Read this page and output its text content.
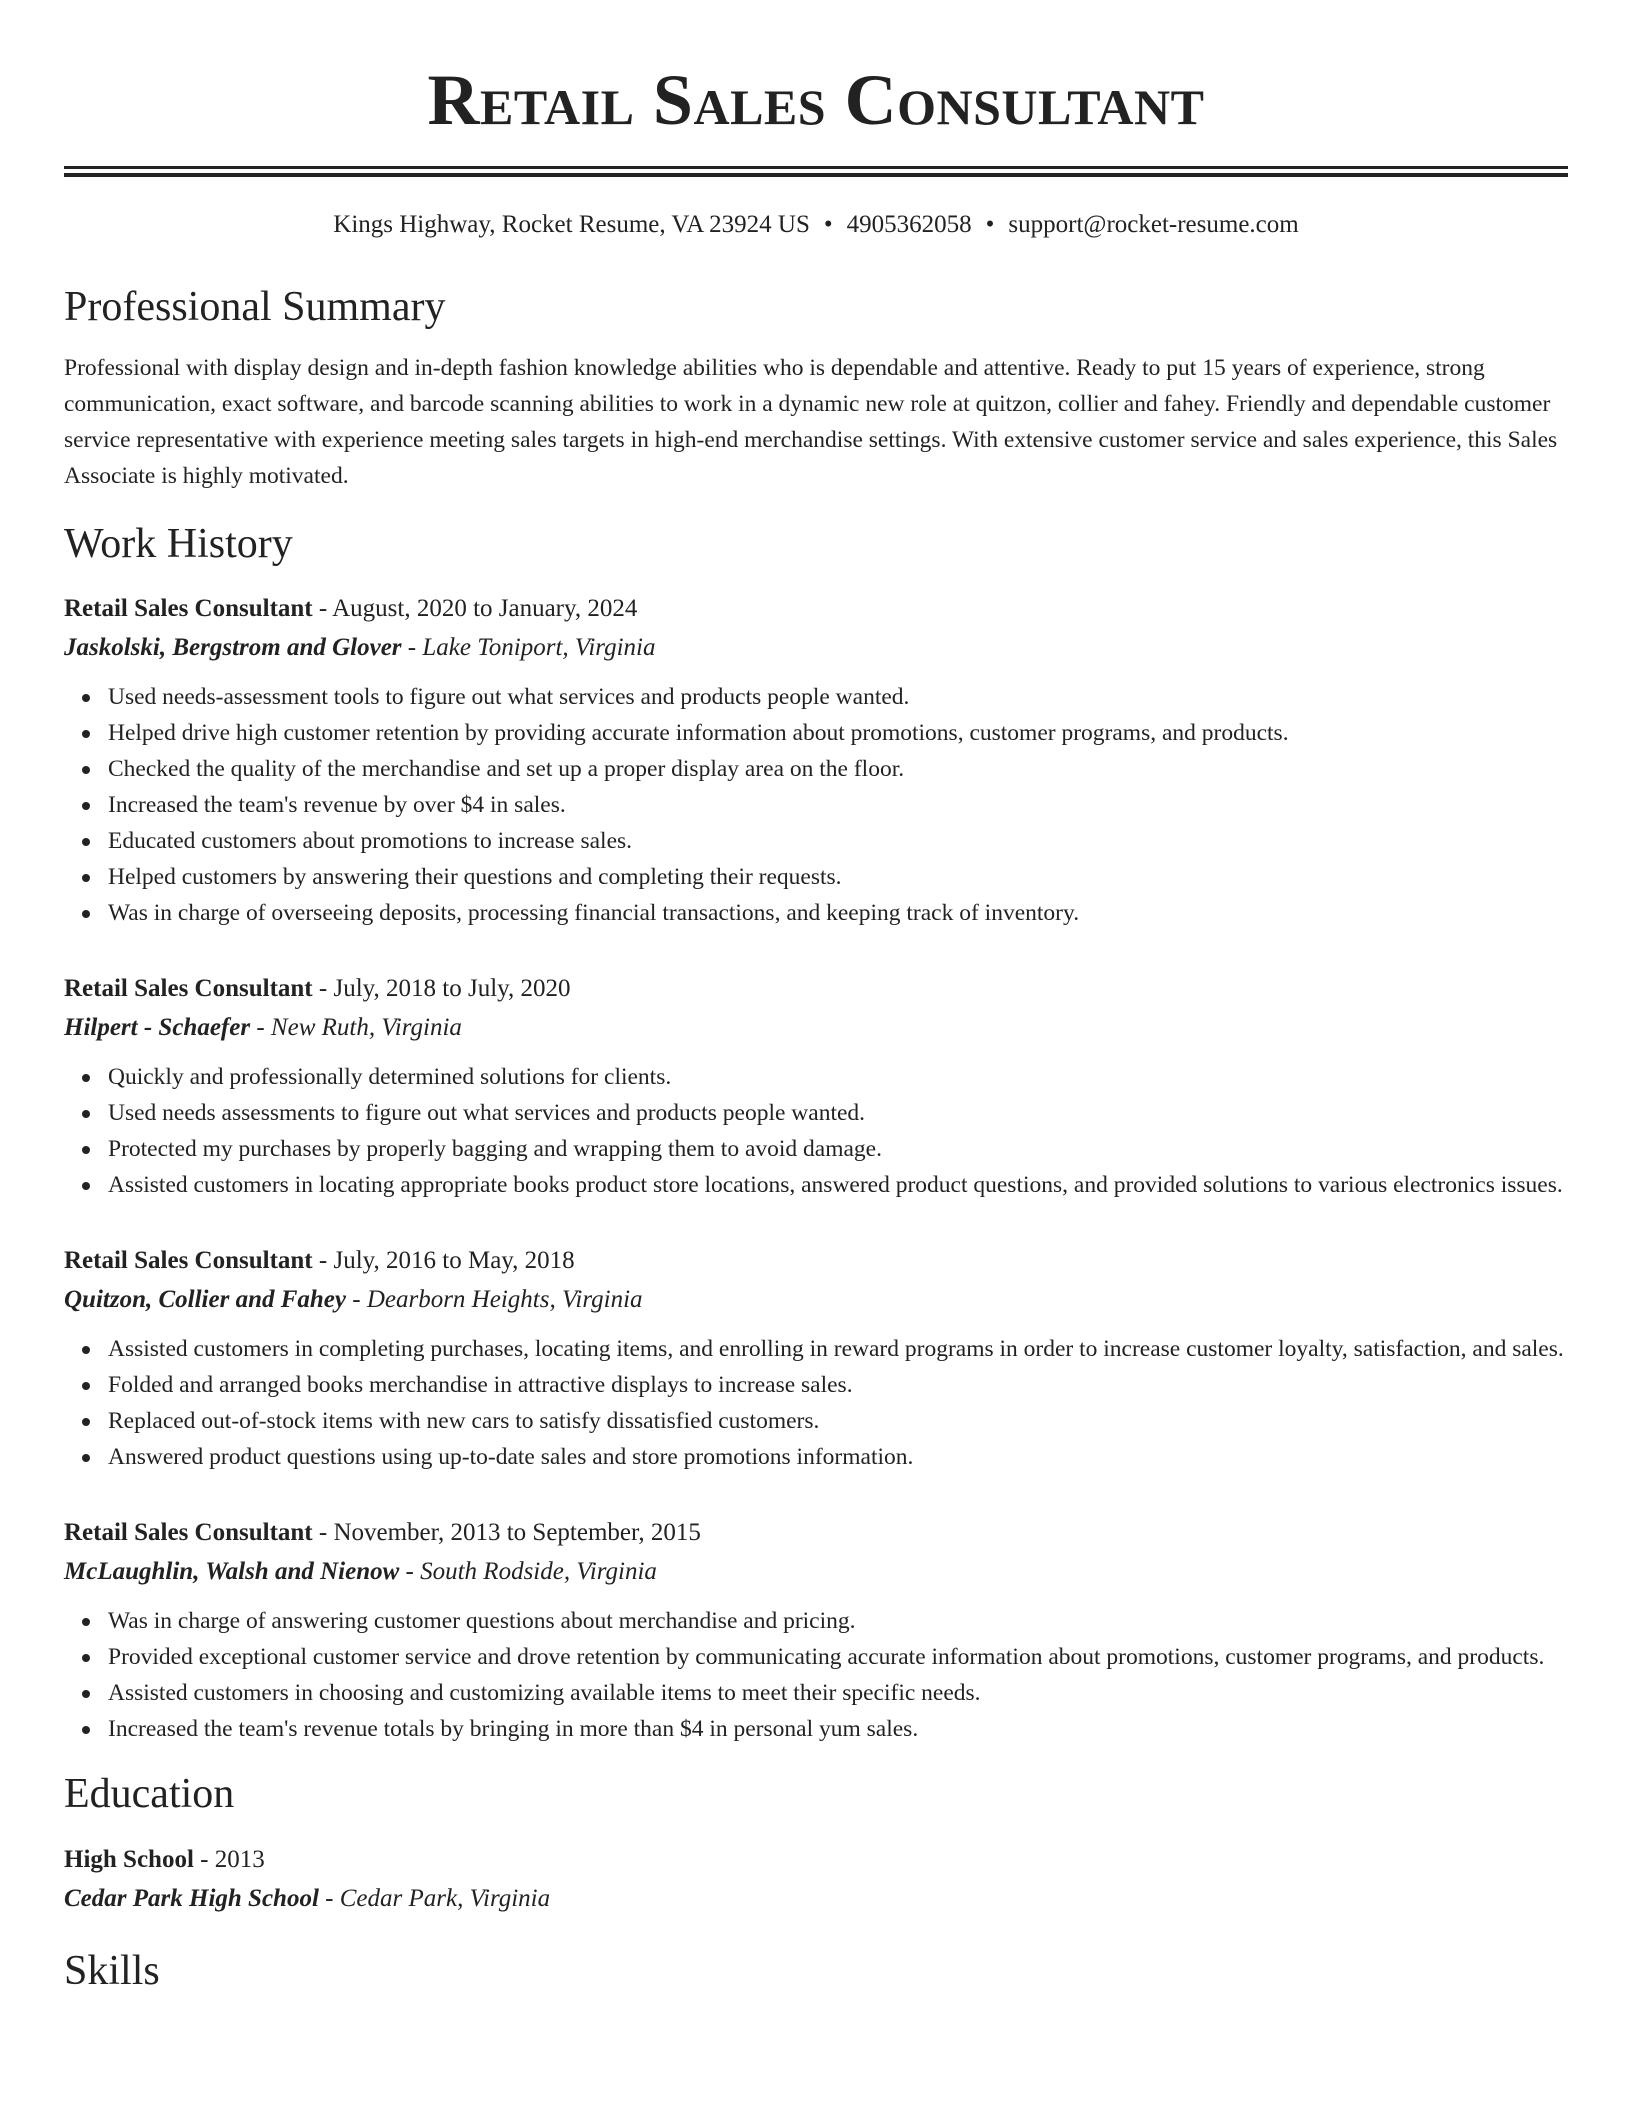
Retail Sales Consultant
Kings Highway, Rocket Resume, VA 23924 US • 4905362058 • support@rocket-resume.com
Professional Summary
Professional with display design and in-depth fashion knowledge abilities who is dependable and attentive. Ready to put 15 years of experience, strong communication, exact software, and barcode scanning abilities to work in a dynamic new role at quitzon, collier and fahey. Friendly and dependable customer service representative with experience meeting sales targets in high-end merchandise settings. With extensive customer service and sales experience, this Sales Associate is highly motivated.
Work History
Retail Sales Consultant - August, 2020 to January, 2024
Jaskolski, Bergstrom and Glover - Lake Toniport, Virginia
Used needs-assessment tools to figure out what services and products people wanted.
Helped drive high customer retention by providing accurate information about promotions, customer programs, and products.
Checked the quality of the merchandise and set up a proper display area on the floor.
Increased the team's revenue by over $4 in sales.
Educated customers about promotions to increase sales.
Helped customers by answering their questions and completing their requests.
Was in charge of overseeing deposits, processing financial transactions, and keeping track of inventory.
Retail Sales Consultant - July, 2018 to July, 2020
Hilpert - Schaefer - New Ruth, Virginia
Quickly and professionally determined solutions for clients.
Used needs assessments to figure out what services and products people wanted.
Protected my purchases by properly bagging and wrapping them to avoid damage.
Assisted customers in locating appropriate books product store locations, answered product questions, and provided solutions to various electronics issues.
Retail Sales Consultant - July, 2016 to May, 2018
Quitzon, Collier and Fahey - Dearborn Heights, Virginia
Assisted customers in completing purchases, locating items, and enrolling in reward programs in order to increase customer loyalty, satisfaction, and sales.
Folded and arranged books merchandise in attractive displays to increase sales.
Replaced out-of-stock items with new cars to satisfy dissatisfied customers.
Answered product questions using up-to-date sales and store promotions information.
Retail Sales Consultant - November, 2013 to September, 2015
McLaughlin, Walsh and Nienow - South Rodside, Virginia
Was in charge of answering customer questions about merchandise and pricing.
Provided exceptional customer service and drove retention by communicating accurate information about promotions, customer programs, and products.
Assisted customers in choosing and customizing available items to meet their specific needs.
Increased the team's revenue totals by bringing in more than $4 in personal yum sales.
Education
High School - 2013
Cedar Park High School - Cedar Park, Virginia
Skills
